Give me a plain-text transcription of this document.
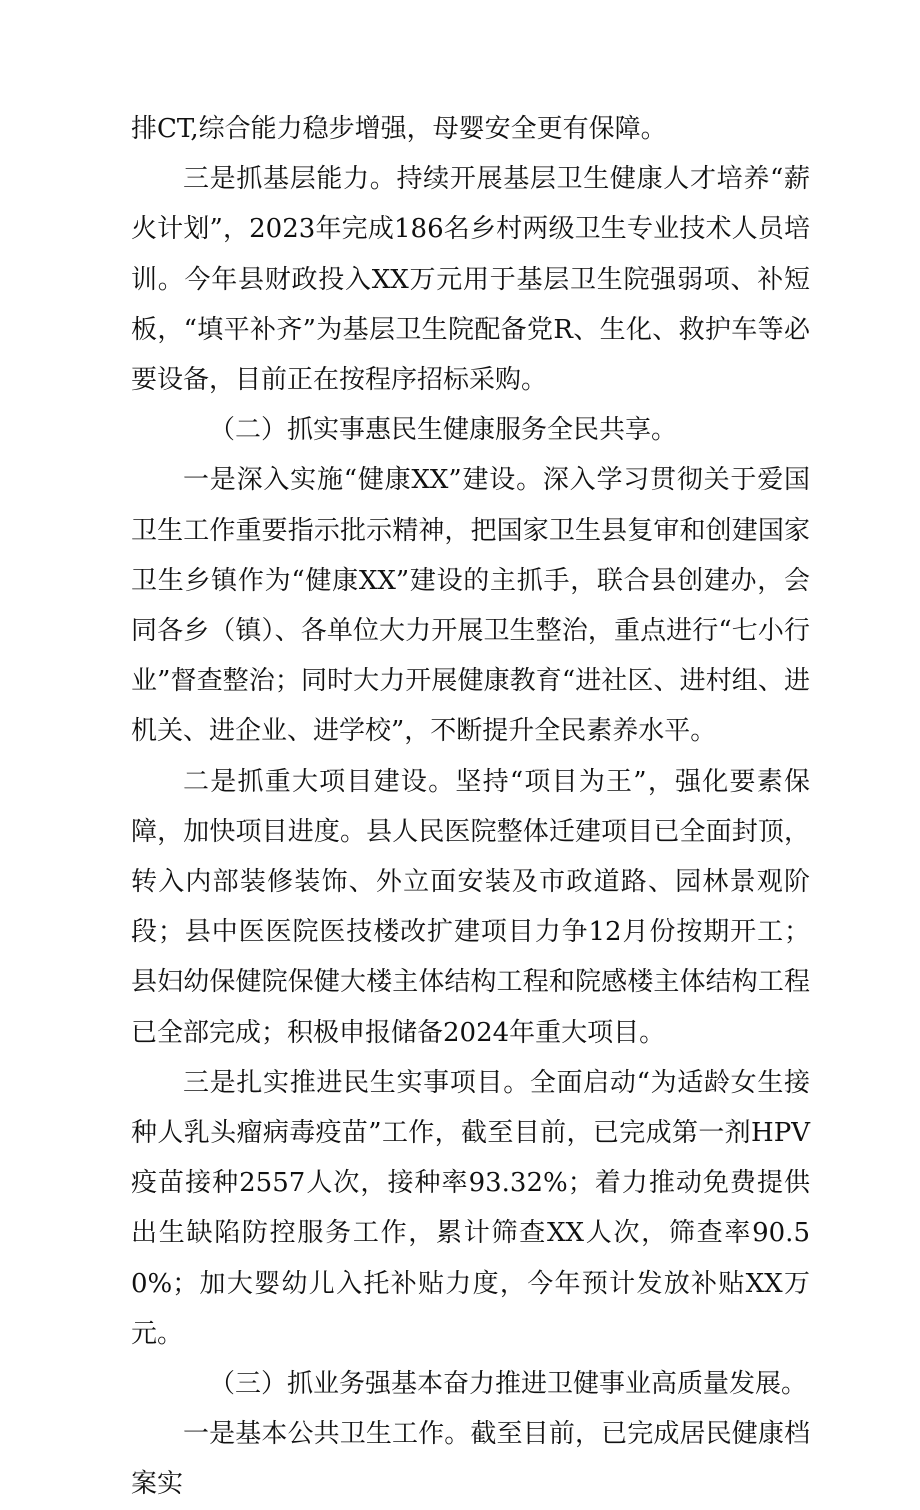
排CT,综合能力稳步增强，母婴安全更有保障。

三是抓基层能力。持续开展基层卫生健康人才培养“薪火计划”，2023年完成186名乡村两级卫生专业技术人员培训。今年县财政投入XX万元用于基层卫生院强弱项、补短板，“填平补齐”为基层卫生院配备党R、生化、救护车等必要设备，目前正在按程序招标采购。

（二）抓实事惠民生健康服务全民共享。

一是深入实施“健康XX”建设。深入学习贯彻关于爱国卫生工作重要指示批示精神，把国家卫生县复审和创建国家卫生乡镇作为“健康XX”建设的主抓手，联合县创建办，会同各乡（镇）、各单位大力开展卫生整治，重点进行“七小行业”督查整治；同时大力开展健康教育“进社区、进村组、进机关、进企业、进学校”，不断提升全民素养水平。

二是抓重大项目建设。坚持“项目为王”，强化要素保障，加快项目进度。县人民医院整体迁建项目已全面封顶，转入内部装修装饰、外立面安装及市政道路、园林景观阶段；县中医医院医技楼改扩建项目力争12月份按期开工；县妇幼保健院保健大楼主体结构工程和院感楼主体结构工程已全部完成；积极申报储备2024年重大项目。

三是扎实推进民生实事项目。全面启动“为适龄女生接种人乳头瘤病毒疫苗”工作，截至目前，已完成第一剂HPV疫苗接种2557人次，接种率93.32%；着力推动免费提供出生缺陷防控服务工作，累计筛查XX人次，筛查率90.50%；加大婴幼儿入托补贴力度，今年预计发放补贴XX万元。

（三）抓业务强基本奋力推进卫健事业高质量发展。

一是基本公共卫生工作。截至目前，已完成居民健康档案实
